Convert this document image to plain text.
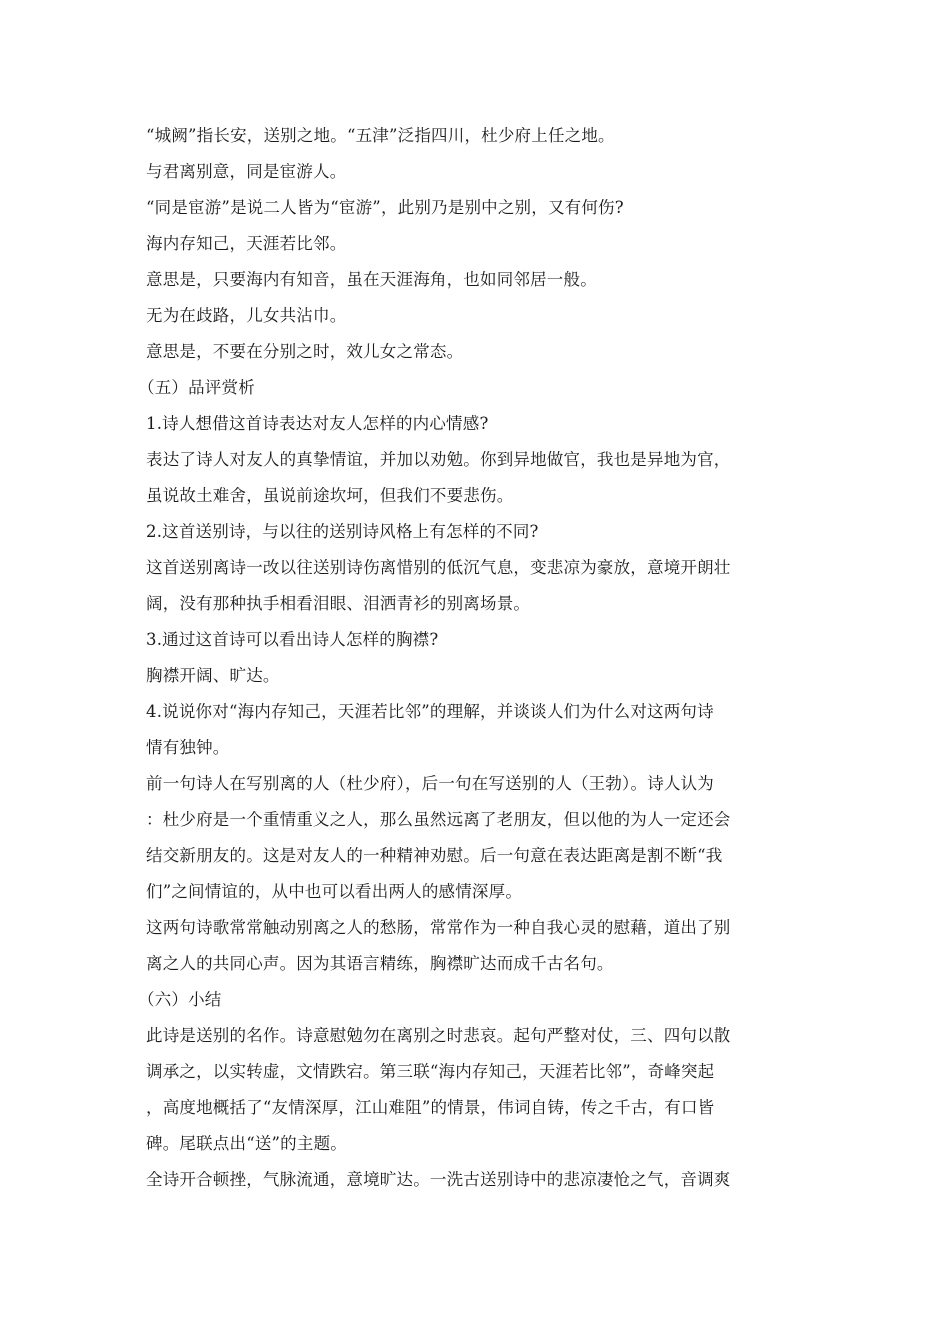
“城阙”指长安，送别之地。“五津”泛指四川，杜少府上任之地。
与君离别意，同是宦游人。
“同是宦游”是说二人皆为“宦游”，此别乃是别中之别，又有何伤?
海内存知己，天涯若比邻。
意思是，只要海内有知音，虽在天涯海角，也如同邻居一般。
无为在歧路，儿女共沾巾。
意思是，不要在分别之时，效儿女之常态。
（五）品评赏析
1.诗人想借这首诗表达对友人怎样的内心情感?
表达了诗人对友人的真挚情谊，并加以劝勉。你到异地做官，我也是异地为官，
虽说故土难舍，虽说前途坎坷，但我们不要悲伤。
2.这首送别诗，与以往的送别诗风格上有怎样的不同?
这首送别离诗一改以往送别诗伤离惜别的低沉气息，变悲凉为豪放，意境开朗壮
阔，没有那种执手相看泪眼、泪洒青衫的别离场景。
3.通过这首诗可以看出诗人怎样的胸襟?
胸襟开阔、旷达。
4.说说你对“海内存知己，天涯若比邻”的理解，并谈谈人们为什么对这两句诗
情有独钟。
前一句诗人在写别离的人（杜少府），后一句在写送别的人（王勃）。诗人认为
：杜少府是一个重情重义之人，那么虽然远离了老朋友，但以他的为人一定还会
结交新朋友的。这是对友人的一种精神劝慰。后一句意在表达距离是割不断“我
们”之间情谊的，从中也可以看出两人的感情深厚。
这两句诗歌常常触动别离之人的愁肠，常常作为一种自我心灵的慰藉，道出了别
离之人的共同心声。因为其语言精练，胸襟旷达而成千古名句。
（六）小结
此诗是送别的名作。诗意慰勉勿在离别之时悲哀。起句严整对仗，三、四句以散
调承之，以实转虚，文情跌宕。第三联“海内存知己，天涯若比邻”，奇峰突起
，高度地概括了“友情深厚，江山难阻”的情景，伟词自铸，传之千古，有口皆
碑。尾联点出“送”的主题。
全诗开合顿挫，气脉流通，意境旷达。一洗古送别诗中的悲凉凄怆之气，音调爽
